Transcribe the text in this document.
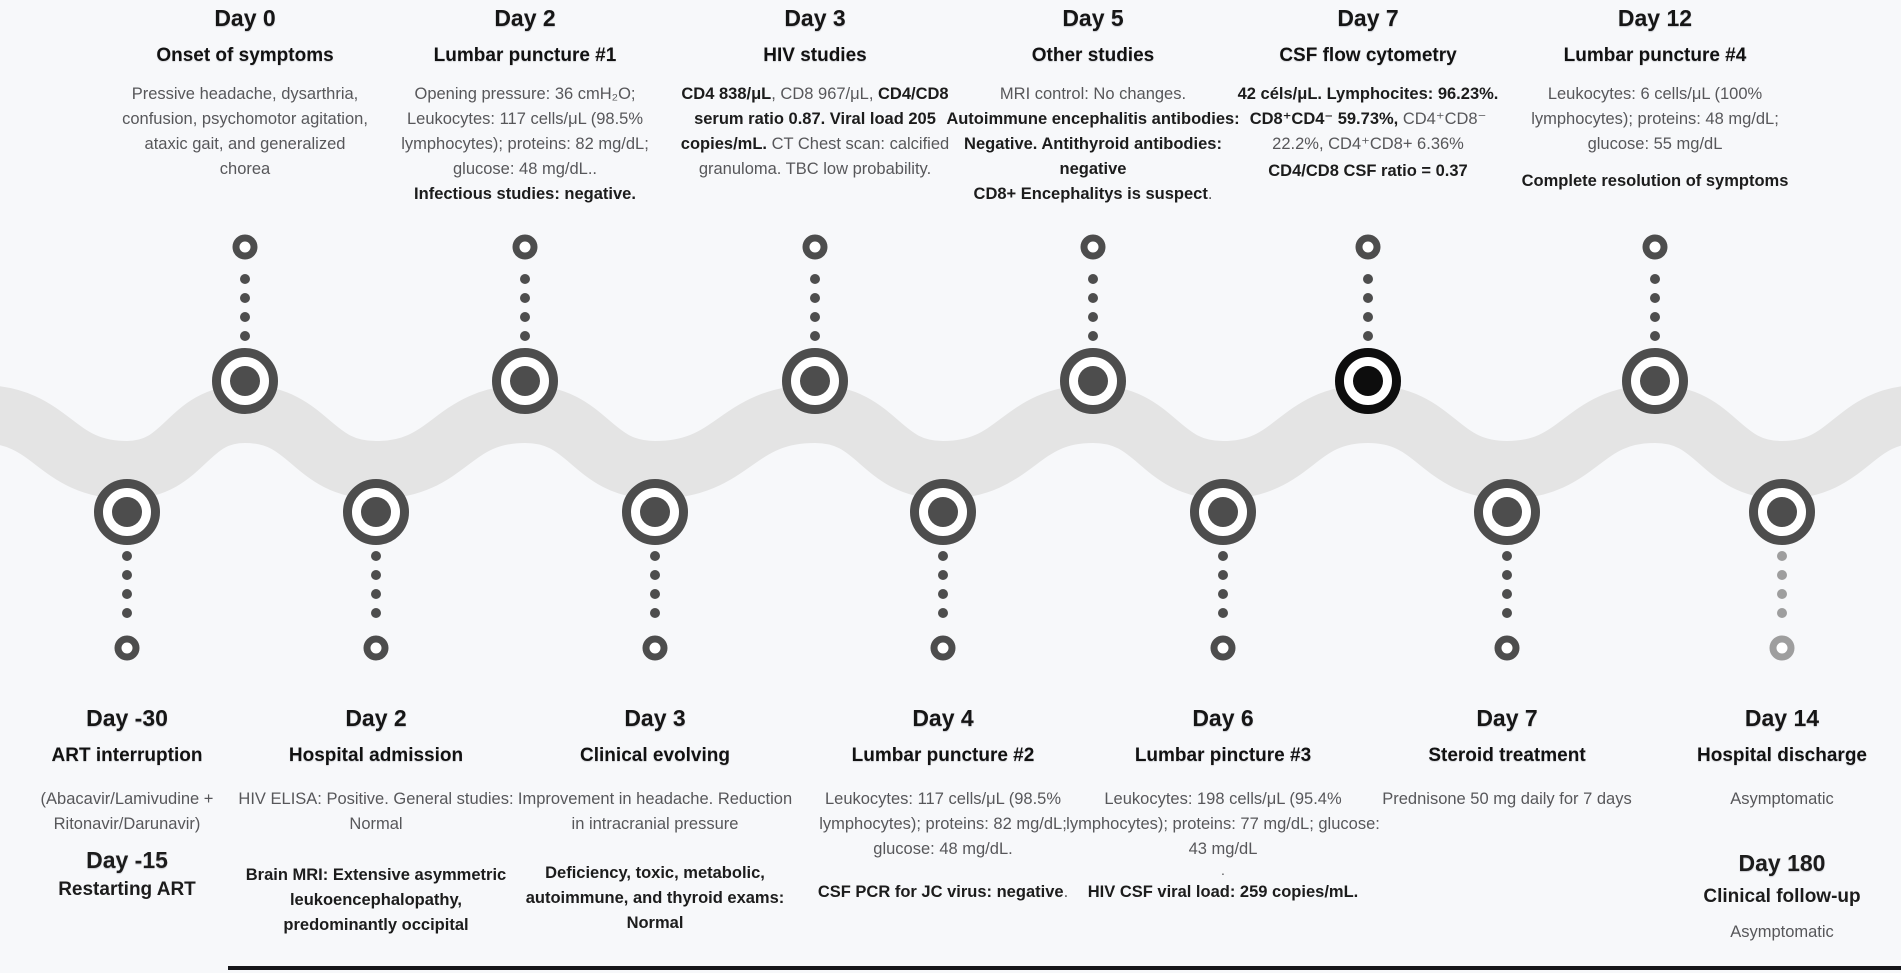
Day 0
Onset of symptoms
Pressive headache, dysarthria, confusion, psychomotor agitation, ataxic gait, and generalized chorea
Day 2
Lumbar puncture #1
Opening pressure: 36 cmH₂O; Leukocytes: 117 cells/μL (98.5% lymphocytes); proteins: 82 mg/dL; glucose: 48 mg/dL..
Infectious studies: negative.
Day 3
HIV studies
CD4 838/μL, CD8 967/μL, CD4/CD8 serum ratio 0.87. Viral load 205 copies/mL. CT Chest scan: calcified granuloma. TBC low probability.
Day 5
Other studies
MRI control: No changes.
Autoimmune encephalitis antibodies: Negative. Antithyroid antibodies: negative
CD8+ Encephalitys is suspect.
Day 7
CSF flow cytometry
42 céls/μL. Lymphocites: 96.23%. CD8⁺CD4⁻ 59.73%, CD4⁺CD8⁻ 22.2%, CD4⁺CD8+ 6.36%
CD4/CD8 CSF ratio = 0.37
Day 12
Lumbar puncture #4
Leukocytes: 6 cells/μL (100% lymphocytes); proteins: 48 mg/dL; glucose: 55 mg/dL
Complete resolution of symptoms
Day -30
ART interruption
(Abacavir/Lamivudine + Ritonavir/Darunavir)
Day -15
Restarting ART
Day 2
Hospital admission
HIV ELISA: Positive. General studies: Normal
Brain MRI: Extensive asymmetric leukoencephalopathy, predominantly occipital
Day 3
Clinical evolving
Improvement in headache. Reduction in intracranial pressure
Deficiency, toxic, metabolic, autoimmune, and thyroid exams: Normal
Day 4
Lumbar puncture #2
Leukocytes: 117 cells/μL (98.5% lymphocytes); proteins: 82 mg/dL; glucose: 48 mg/dL.
CSF PCR for JC virus: negative.
Day 6
Lumbar pincture #3
Leukocytes: 198 cells/μL (95.4% lymphocytes); proteins: 77 mg/dL; glucose: 43 mg/dL
.
HIV CSF viral load: 259 copies/mL.
Day 7
Steroid treatment
Prednisone 50 mg daily for 7 days
Day 14
Hospital discharge
Asymptomatic
Day 180
Clinical follow-up
Asymptomatic
